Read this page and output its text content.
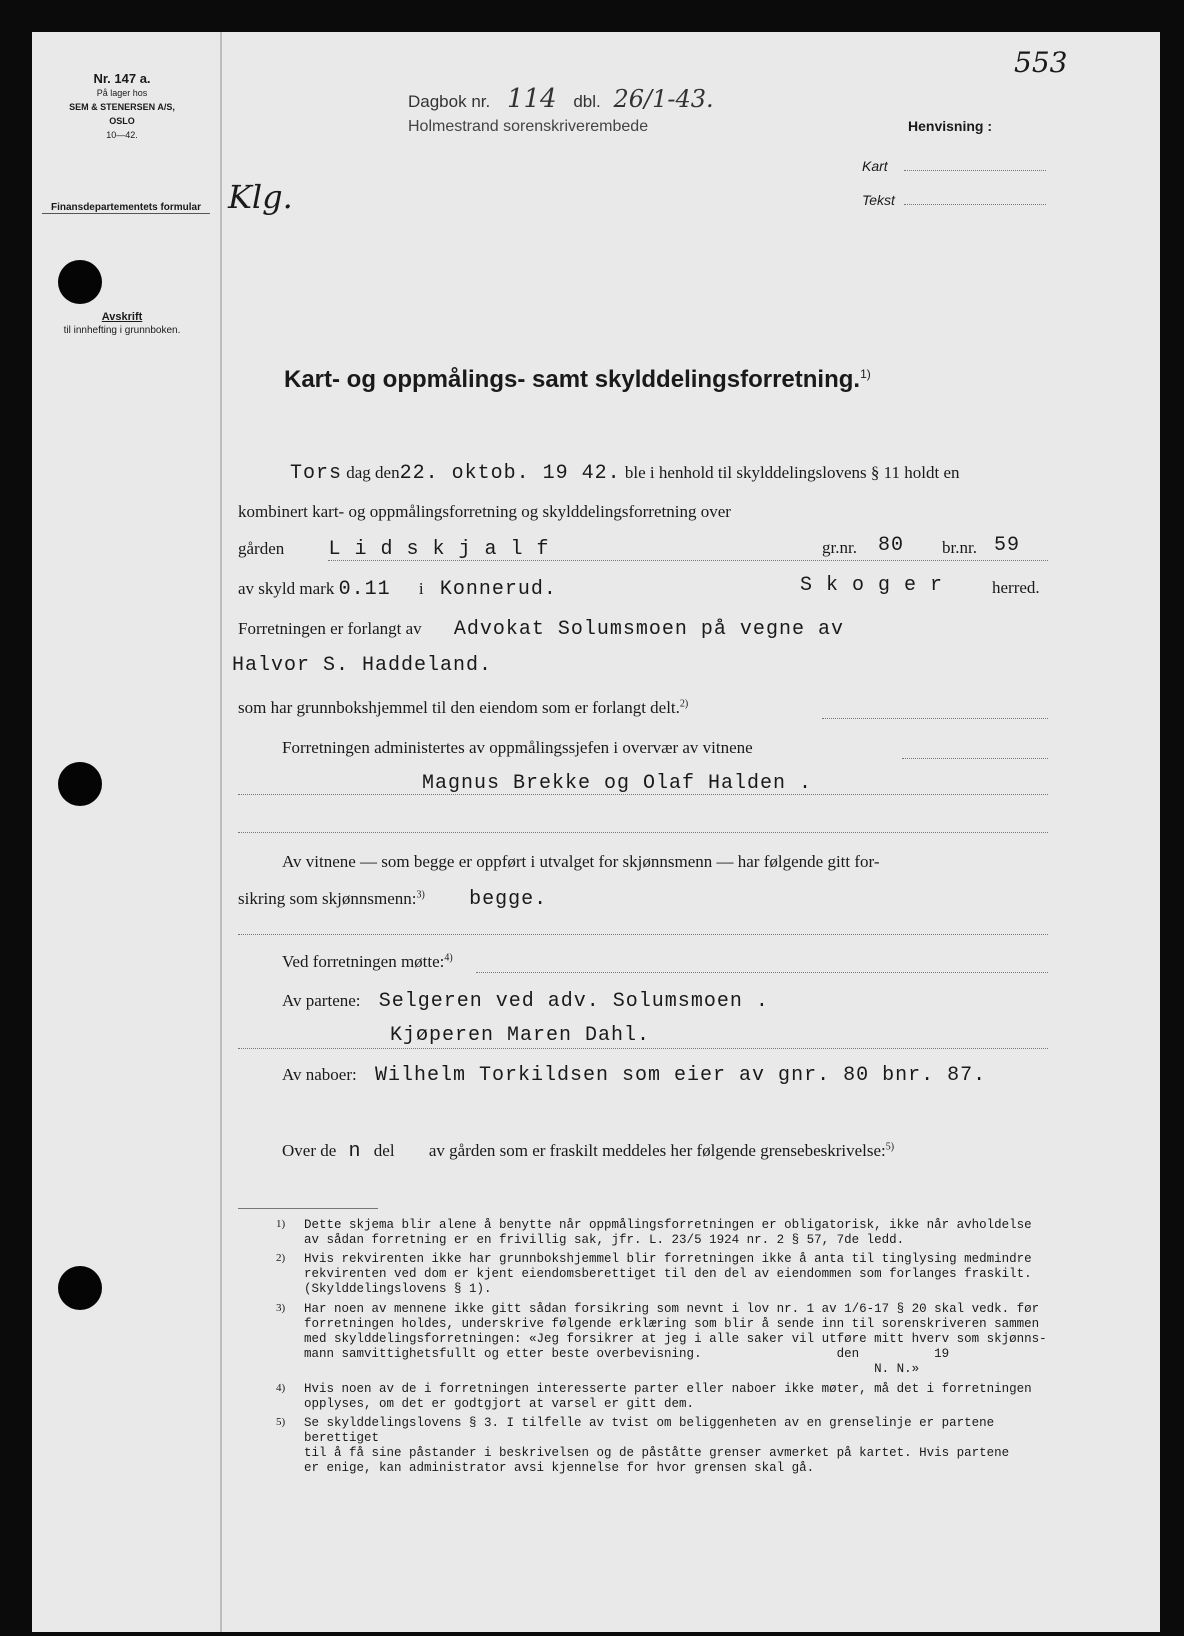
Nr. 147 a.
På lager hos
SEM & STENERSEN A/S, OSLO
10—42.
Finansdepartementets formular
Avskrift
til innhefting i grunnboken.
Dagbok nr. 114 dbl. 26/1-43.
Holmestrand sorenskriverembede
553
Klg.
Henvisning :
Kart
Tekst
Kart- og oppmålings- samt skylddelingsforretning.$^{1)}$
Tors dag den22. oktob. 19 42. ble i henhold til skylddelingslovens § 11 holdt en
kombinert kart- og oppmålingsforretning og skylddelingsforretning over
gården L i d s k j a l f	gr.nr. 80 br.nr. 59
av skyld mark 0.11 i Konnerud.	S k o g e r	herred.
Forretningen er forlangt av Advokat Solumsmoen på vegne av
Halvor S. Haddeland.
som har grunnbokshjemmel til den eiendom som er forlangt delt.$^{2)}$
Forretningen administertes av oppmålingssjefen i overvær av vitnene
Magnus Brekke og Olaf Halden .
Av vitnene — som begge er oppført i utvalget for skjønnsmenn — har følgende gitt for-
sikring som skjønnsmenn:$^{3)}$ begge.
Ved forretningen møtte:$^{4)}$
Av partene: Selgeren ved adv. Solumsmoen .
Kjøperen Maren Dahl.
Av naboer: Wilhelm Torkildsen som eier av gnr. 80 bnr. 87.
Over de n del av gården som er fraskilt meddeles her følgende grensebeskrivelse:$^{5)}$
1)	Dette skjema blir alene å benytte når oppmålingsforretningen er obligatorisk, ikke når avholdelse
av sådan forretning er en frivillig sak, jfr. L. 23/5 1924 nr. 2 § 57, 7de ledd.
2)	Hvis rekvirenten ikke har grunnbokshjemmel blir forretningen ikke å anta til tinglysing medmindre
rekvirenten ved dom er kjent eiendomsberettiget til den del av eiendommen som forlanges fraskilt.
(Skylddelingslovens § 1).
3)	Har noen av mennene ikke gitt sådan forsikring som nevnt i lov nr. 1 av 1/6-17 § 20 skal vedk. før
forretningen holdes, underskrive følgende erklæring som blir å sende inn til sorenskriveren sammen
med skylddelingsforretningen: «Jeg forsikrer at jeg i alle saker vil utføre mitt hverv som skjønns-
mann samvittighetsfullt og etter beste overbevisning.                  den          19
N. N.»
4)	Hvis noen av de i forretningen interesserte parter eller naboer ikke møter, må det i forretningen
opplyses, om det er godtgjort at varsel er gitt dem.
5)	Se skylddelingslovens § 3. I tilfelle av tvist om beliggenheten av en grenselinje er partene berettiget
til å få sine påstander i beskrivelsen og de påståtte grenser avmerket på kartet. Hvis partene
er enige, kan administrator avsi kjennelse for hvor grensen skal gå.
